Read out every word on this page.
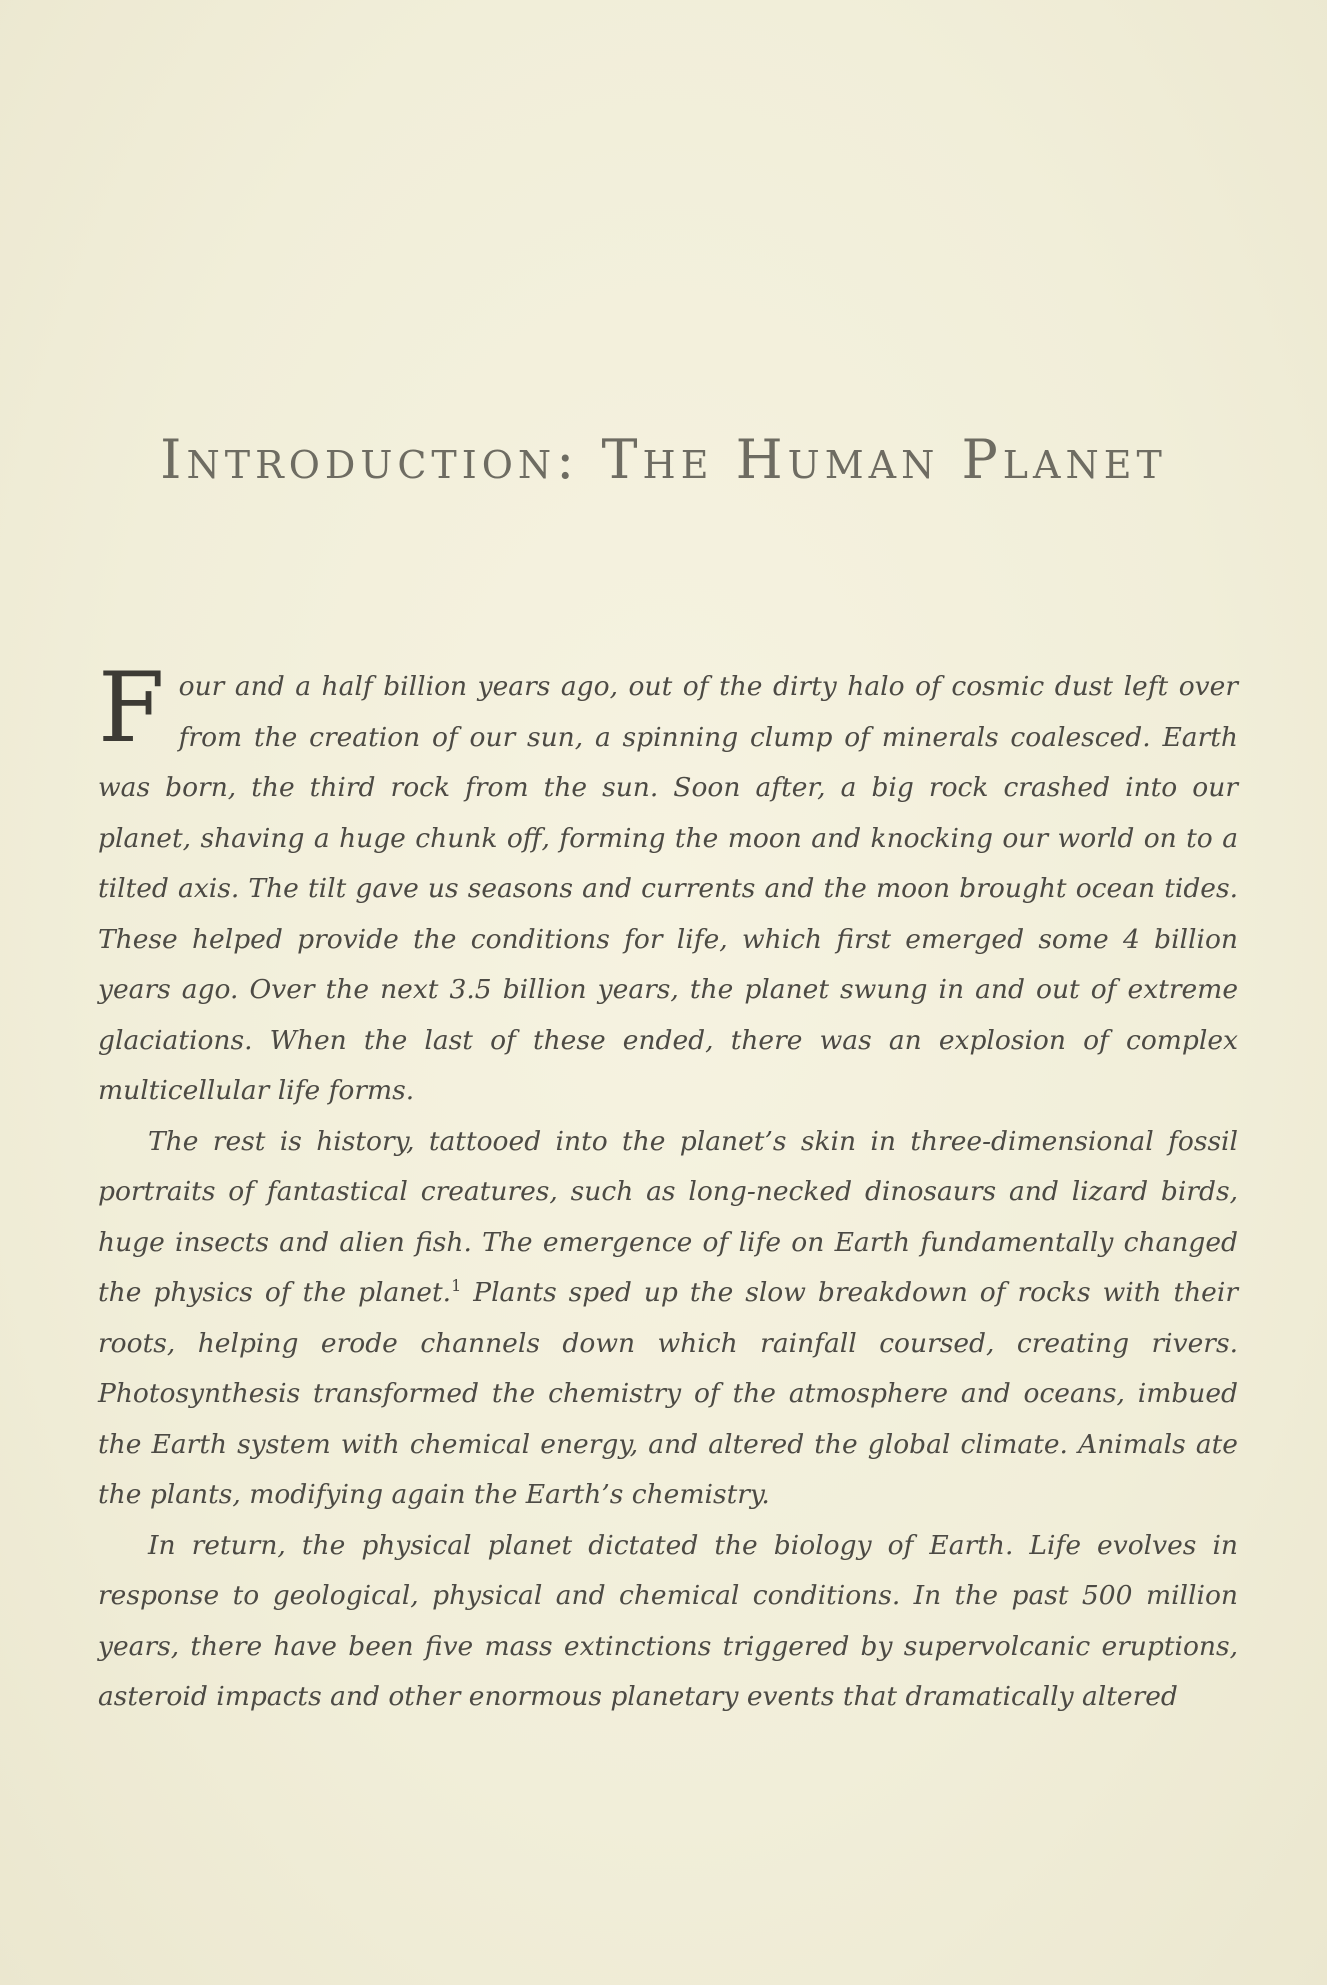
Introduction: The Human Planet

Four and a half billion years ago, out of the dirty halo of cosmic dust left over from the creation of our sun, a spinning clump of minerals coalesced. Earth was born, the third rock from the sun. Soon after, a big rock crashed into our planet, shaving a huge chunk off, forming the moon and knocking our world on to a tilted axis. The tilt gave us seasons and currents and the moon brought ocean tides. These helped provide the conditions for life, which first emerged some 4 billion years ago. Over the next 3.5 billion years, the planet swung in and out of extreme glaciations. When the last of these ended, there was an explosion of complex multicellular life forms.

The rest is history, tattooed into the planet’s skin in three-dimensional fossil portraits of fantastical creatures, such as long-necked dinosaurs and lizard birds, huge insects and alien fish. The emergence of life on Earth fundamentally changed the physics of the planet.$^1$ Plants sped up the slow breakdown of rocks with their roots, helping erode channels down which rainfall coursed, creating rivers. Photosynthesis transformed the chemistry of the atmosphere and oceans, imbued the Earth system with chemical energy, and altered the global climate. Animals ate the plants, modifying again the Earth’s chemistry.

In return, the physical planet dictated the biology of Earth. Life evolves in response to geological, physical and chemical conditions. In the past 500 million years, there have been five mass extinctions triggered by supervolcanic eruptions, asteroid impacts and other enormous planetary events that dramatically altered
